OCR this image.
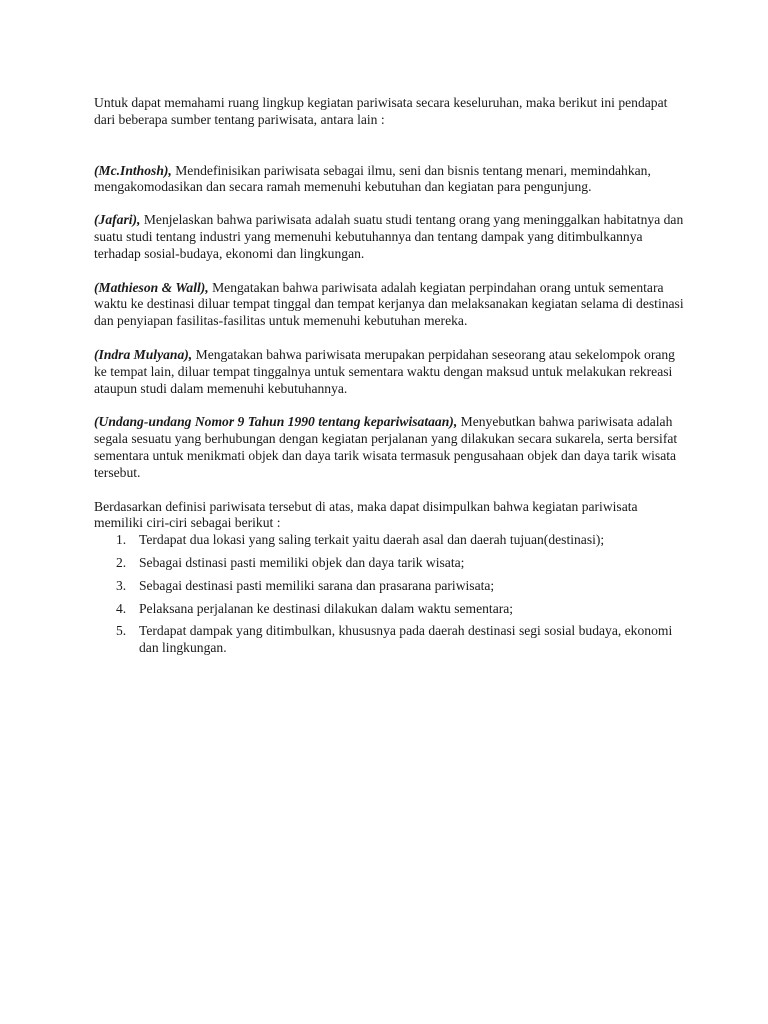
Untuk dapat memahami ruang lingkup kegiatan pariwisata secara keseluruhan, maka berikut ini pendapat dari beberapa sumber tentang pariwisata, antara lain :

(Mc.Inthosh), Mendefinisikan pariwisata sebagai ilmu, seni dan bisnis tentang menari, memindahkan, mengakomodasikan dan secara ramah memenuhi kebutuhan dan kegiatan para pengunjung.

(Jafari), Menjelaskan bahwa pariwisata adalah suatu studi tentang orang yang meninggalkan habitatnya dan suatu studi tentang industri yang memenuhi kebutuhannya dan tentang dampak yang ditimbulkannya terhadap sosial-budaya, ekonomi dan lingkungan.

(Mathieson & Wall), Mengatakan bahwa pariwisata adalah kegiatan perpindahan orang untuk sementara waktu ke destinasi diluar tempat tinggal dan tempat kerjanya dan melaksanakan kegiatan selama di destinasi dan penyiapan fasilitas-fasilitas untuk memenuhi kebutuhan mereka.

(Indra Mulyana), Mengatakan bahwa pariwisata merupakan perpidahan seseorang atau sekelompok orang ke tempat lain, diluar tempat tinggalnya untuk sementara waktu dengan maksud untuk melakukan rekreasi ataupun studi dalam memenuhi kebutuhannya.

(Undang-undang Nomor 9 Tahun 1990 tentang kepariwisataan), Menyebutkan bahwa pariwisata adalah segala sesuatu yang berhubungan dengan kegiatan perjalanan yang dilakukan secara sukarela, serta bersifat sementara untuk menikmati objek dan daya tarik wisata termasuk pengusahaan objek dan daya tarik wisata tersebut.

Berdasarkan definisi pariwisata tersebut di atas, maka dapat disimpulkan bahwa kegiatan pariwisata memiliki ciri-ciri sebagai berikut :

1. Terdapat dua lokasi yang saling terkait yaitu daerah asal dan daerah tujuan(destinasi);
2. Sebagai dstinasi pasti memiliki objek dan daya tarik wisata;
3. Sebagai destinasi pasti memiliki sarana dan prasarana pariwisata;
4. Pelaksana perjalanan ke destinasi dilakukan dalam waktu sementara;
5. Terdapat dampak yang ditimbulkan, khususnya pada daerah destinasi segi sosial budaya, ekonomi dan lingkungan.
